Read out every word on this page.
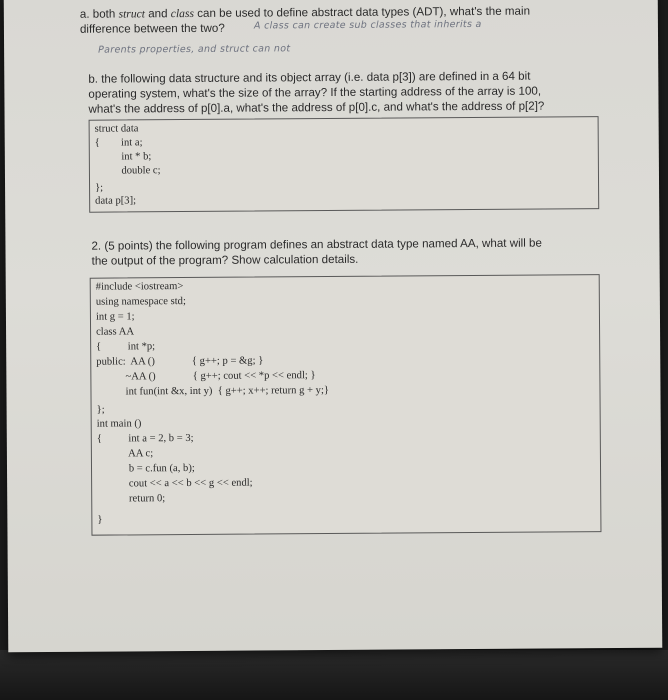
a. both struct and class can be used to define abstract data types (ADT), what's the main
difference between the two?	A class can create sub classes that inherits a
Parents properties, and struct can not
b. the following data structure and its object array (i.e. data p[3]) are defined in a 64 bit
operating system, what's the size of the array? If the starting address of the array is 100,
what's the address of p[0].a, what's the address of p[0].c, and what's the address of p[2]?
struct data
{        int a;
int * b;
double c;
};
data p[3];
2. (5 points) the following program defines an abstract data type named AA, what will be
the output of the program? Show calculation details.
#include <iostream>
using namespace std;
int g = 1;
class AA
{          int *p;
public:  AA ()              { g++; p = &g; }
~AA ()              { g++; cout << *p << endl; }
int fun(int &x, int y)  { g++; x++; return g + y;}
};
int main ()
{          int a = 2, b = 3;
AA c;
b = c.fun (a, b);
cout << a << b << g << endl;
return 0;
}
